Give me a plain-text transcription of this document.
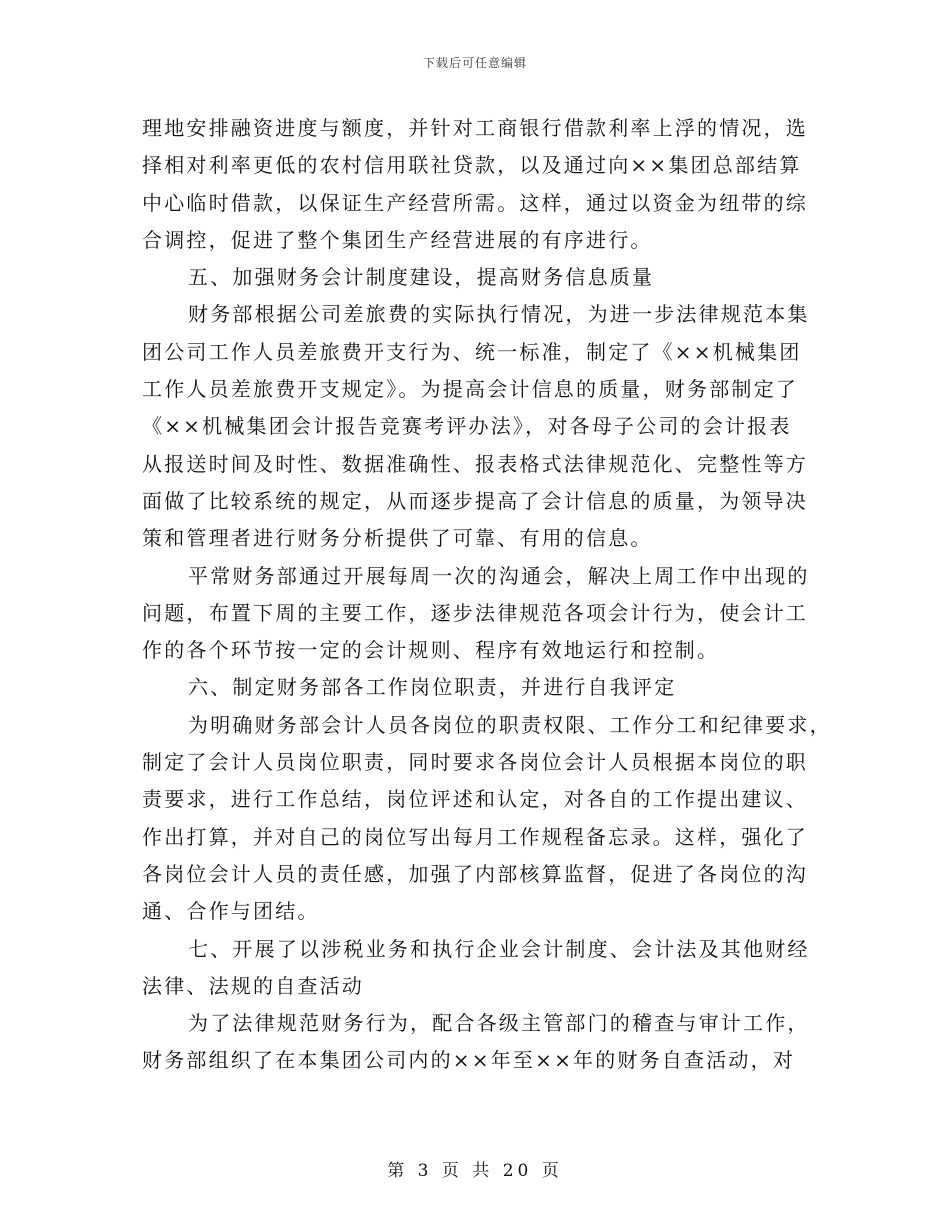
下载后可任意编辑
理地安排融资进度与额度，并针对工商银行借款利率上浮的情况，选
择相对利率更低的农村信用联社贷款，以及通过向××集团总部结算
中心临时借款，以保证生产经营所需。这样，通过以资金为纽带的综
合调控，促进了整个集团生产经营进展的有序进行。
五、加强财务会计制度建设，提高财务信息质量
财务部根据公司差旅费的实际执行情况，为进一步法律规范本集
团公司工作人员差旅费开支行为、统一标准，制定了《××机械集团
工作人员差旅费开支规定》。为提高会计信息的质量，财务部制定了
《××机械集团会计报告竞赛考评办法》，对各母子公司的会计报表
从报送时间及时性、数据准确性、报表格式法律规范化、完整性等方
面做了比较系统的规定，从而逐步提高了会计信息的质量，为领导决
策和管理者进行财务分析提供了可靠、有用的信息。
平常财务部通过开展每周一次的沟通会，解决上周工作中出现的
问题，布置下周的主要工作，逐步法律规范各项会计行为，使会计工
作的各个环节按一定的会计规则、程序有效地运行和控制。
六、制定财务部各工作岗位职责，并进行自我评定
为明确财务部会计人员各岗位的职责权限、工作分工和纪律要求，
制定了会计人员岗位职责，同时要求各岗位会计人员根据本岗位的职
责要求，进行工作总结，岗位评述和认定，对各自的工作提出建议、
作出打算，并对自己的岗位写出每月工作规程备忘录。这样，强化了
各岗位会计人员的责任感，加强了内部核算监督，促进了各岗位的沟
通、合作与团结。
七、开展了以涉税业务和执行企业会计制度、会计法及其他财经
法律、法规的自查活动
为了法律规范财务行为，配合各级主管部门的稽查与审计工作，
财务部组织了在本集团公司内的××年至××年的财务自查活动，对
第 3 页 共 20 页
